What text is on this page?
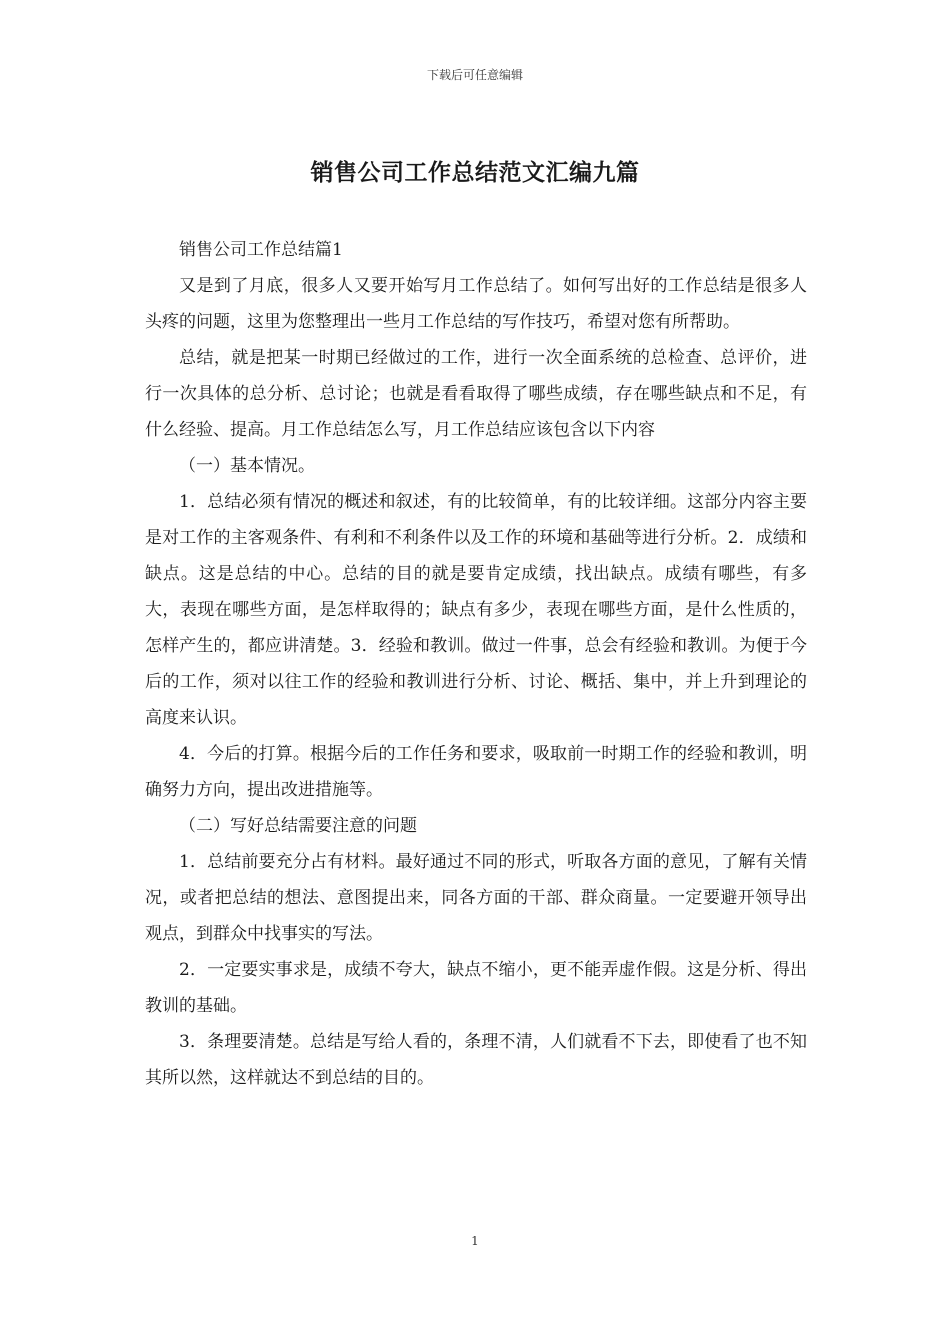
下载后可任意编辑
销售公司工作总结范文汇编九篇

销售公司工作总结篇1

又是到了月底，很多人又要开始写月工作总结了。如何写出好的工作总结是很多人头疼的问题，这里为您整理出一些月工作总结的写作技巧，希望对您有所帮助。

总结，就是把某一时期已经做过的工作，进行一次全面系统的总检查、总评价，进行一次具体的总分析、总讨论；也就是看看取得了哪些成绩，存在哪些缺点和不足，有什么经验、提高。月工作总结怎么写，月工作总结应该包含以下内容

（一）基本情况。

1．总结必须有情况的概述和叙述，有的比较简单，有的比较详细。这部分内容主要是对工作的主客观条件、有利和不利条件以及工作的环境和基础等进行分析。2．成绩和缺点。这是总结的中心。总结的目的就是要肯定成绩，找出缺点。成绩有哪些，有多大，表现在哪些方面，是怎样取得的；缺点有多少，表现在哪些方面，是什么性质的，怎样产生的，都应讲清楚。3．经验和教训。做过一件事，总会有经验和教训。为便于今后的工作，须对以往工作的经验和教训进行分析、讨论、概括、集中，并上升到理论的高度来认识。

4．今后的打算。根据今后的工作任务和要求，吸取前一时期工作的经验和教训，明确努力方向，提出改进措施等。

（二）写好总结需要注意的问题

1．总结前要充分占有材料。最好通过不同的形式，听取各方面的意见，了解有关情况，或者把总结的想法、意图提出来，同各方面的干部、群众商量。一定要避开领导出观点，到群众中找事实的写法。

2．一定要实事求是，成绩不夸大，缺点不缩小，更不能弄虚作假。这是分析、得出教训的基础。

3．条理要清楚。总结是写给人看的，条理不清，人们就看不下去，即使看了也不知其所以然，这样就达不到总结的目的。

1
